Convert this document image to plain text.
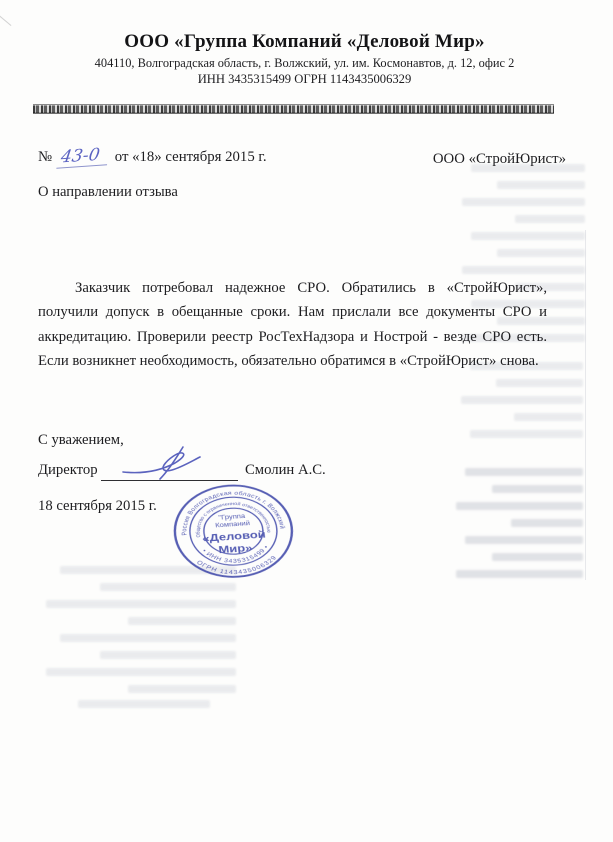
ООО «Группа Компаний «Деловой Мир»
404110, Волгоградская область, г. Волжский, ул. им. Космонавтов, д. 12, офис 2
ИНН 3435315499 ОГРН 1143435006329
№ 43-0 от «18» сентября 2015 г.	ООО «СтройЮрист»
О направлении отзыва
Заказчик потребовал надежное СРО. Обратились в «СтройЮрист», получили допуск в обещанные сроки. Нам прислали все документы СРО и аккредитацию. Проверили реестр РосТехНадзора и Нострой - везде СРО есть. Если возникнет необходимость, обязательно обратимся в «СтройЮрист» снова.
С уважением,
Директор	Смолин А.С.
18 сентября 2015 г.
Россия Волгоградская область г. Волжский
ОГРН 1143435006329
Общество с ограниченной ответственностью
• ИНН 3435315499 •
"Группа
Компаний
«Деловой
Мир»
